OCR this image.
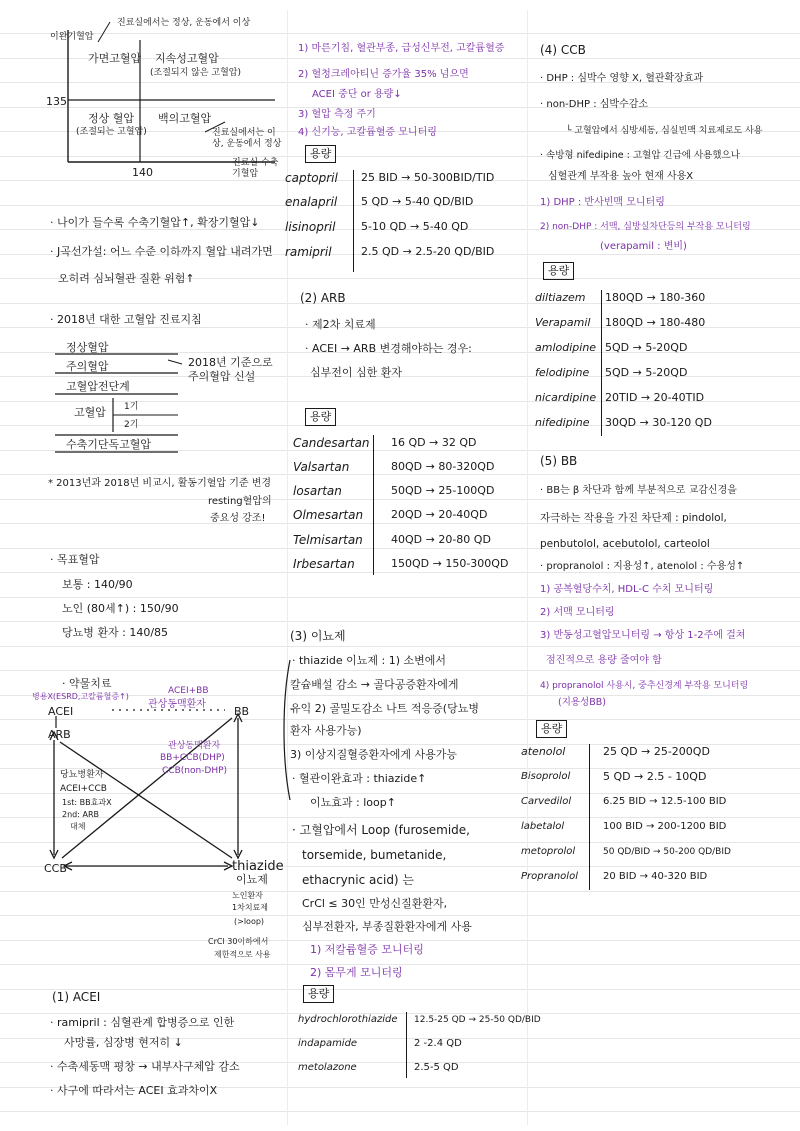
이완기혈압
진료실에서는 정상, 운동에서 이상
가면고혈압 지속성고혈압
(조절되지 않은 고혈압)
135
정상 혈압
(조절되는 고혈압)
백의고혈압
진료실에서는 이상, 운동에서 정상
140
진료실 수축기혈압
· 나이가 들수록 수축기혈압↑, 확장기혈압↓
· J곡선가설: 어느 수준 이하까지 혈압 내려가면
오히려 심뇌혈관 질환 위험↑
· 2018년 대한 고혈압 진료지침
정상혈압
주의혈압
고혈압전단계
고혈압 1기
2기
수축기단독고혈압
2018년 기준으로 주의혈압 신설
* 2013년과 2018년 비교시, 활동기혈압 기준 변경
resting혈압의
중요성 강조!
· 목표혈압
보통 : 140/90
노인 (80세↑) : 150/90
당뇨병 환자 : 140/85
· 약물치료
병용X(ESRD,고칼륨혈증↑)
ACEI
ARB
BB
CCB	thiazide
ACEI+BB
관상동맥환자
관상동맥환자
BB+CCB(DHP)
CCB(non-DHP)
당뇨병환자
ACEI+CCB
1st: BB효과X
2nd: ARB
대체
이뇨제
노인환자
1차치료제
(>loop)
CrCl 30이하에서
제한적으로 사용
(1) ACEI
· ramipril : 심혈관계 합병증으로 인한
사망률, 심장병 현저히 ↓
· 수축세동맥 평창 → 내부사구체압 감소
· 사구에 따라서는 ACEI 효과차이X
1) 마른기침, 혈관부종, 급성신부전, 고칼륨혈증
2) 혈청크레아티닌 증가율 35% 넘으면
ACEI 중단 or 용량↓
3) 혈압 측정 주기
4) 신기능, 고칼륨혈증 모니터링
용량
captopril 25 BID → 50-300BID/TID
enalapril 5 QD → 5-40 QD/BID
lisinopril 5-10 QD → 5-40 QD
ramipril	2.5 QD → 2.5-20 QD/BID
(2) ARB
· 제2차 치료제
· ACEI → ARB 변경해야하는 경우:
심부전이 심한 환자
용량
Candesartan 16 QD → 32 QD
Valsartan	80QD → 80-320QD
losartan	50QD → 25-100QD
Olmesartan	20QD → 20-40QD
Telmisartan	40QD → 20-80 QD
Irbesartan	150QD → 150-300QD
(3) 이뇨제
· thiazide 이뇨제 : 1) 소변에서
칼슘배설 감소 → 골다공증환자에게
유익 2) 골밀도감소 나트 적응증(당뇨병
환자 사용가능)
3) 이상지질혈증환자에게 사용가능
· 혈관이완효과 : thiazide↑
이뇨효과 : loop↑
· 고혈압에서 Loop (furosemide,
torsemide, bumetanide,
ethacrynic acid) 는
CrCl ≤ 30인 만성신질환환자,
심부전환자, 부종질환환자에게 사용
1) 저칼륨혈증 모니터링
2) 몸무게 모니터링
용량
hydrochlorothiazide 12.5-25 QD → 25-50 QD/BID
indapamide	2 -2.4 QD
metolazone	2.5-5 QD
(4) CCB
· DHP : 심박수 영향 X, 혈관확장효과
· non-DHP : 심박수감소
└ 고혈압에서 심방세동, 심실빈맥 치료제로도 사용
· 속방형 nifedipine : 고혈압 긴급에 사용했으나
심혈관계 부작용 높아 현재 사용X
1) DHP : 반사빈맥 모니터링
2) non-DHP : 서맥, 심방실차단등의 부작용 모니터링
(verapamil : 변비)
용량
diltiazem 180QD → 180-360
Verapamil 180QD → 180-480
amlodipine 5QD → 5-20QD
felodipine 5QD → 5-20QD
nicardipine 20TID → 20-40TID
nifedipine 30QD → 30-120 QD
(5) BB
· BB는 β 차단과 함께 부분적으로 교감신경을
자극하는 작용을 가진 차단제 : pindolol,
penbutolol, acebutolol, carteolol
· propranolol : 지용성↑, atenolol : 수용성↑
1) 공복혈당수치, HDL-C 수치 모니터링
2) 서맥 모니터링
3) 반동성고혈압모니터링 → 항상 1-2주에 걸쳐
점진적으로 용량 줄여야 함
4) propranolol 사용시, 중추신경계 부작용 모니터링
(지용성BB)
용량
atenolol	25 QD → 25-200QD
Bisoprolol	5 QD → 2.5 - 10QD
Carvedilol	6.25 BID → 12.5-100 BID
labetalol	100 BID → 200-1200 BID
metoprolol	50 QD/BID → 50-200 QD/BID
Propranolol	20 BID → 40-320 BID
